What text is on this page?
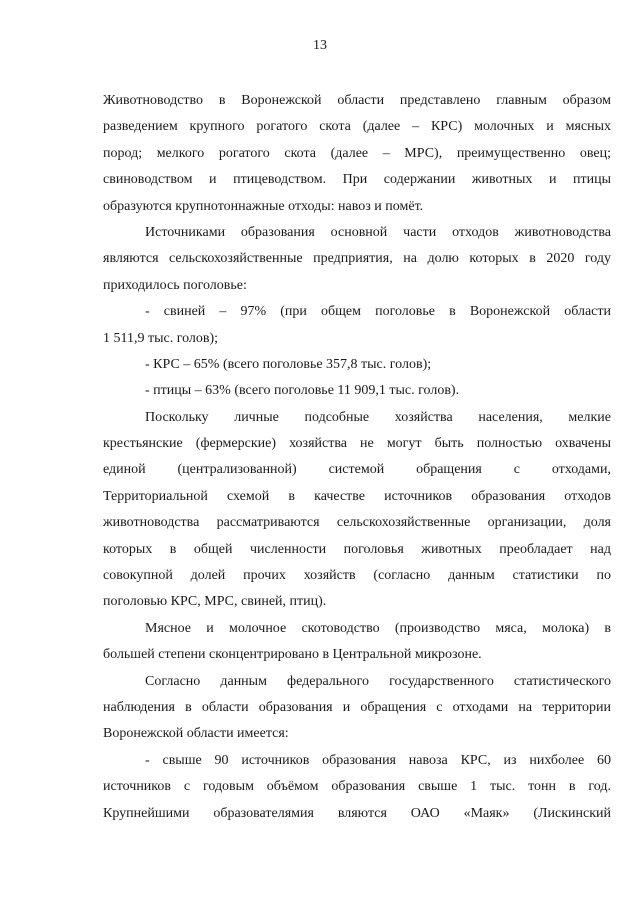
13
Животноводство в Воронежской области представлено главным образом
разведением крупного рогатого скота (далее – КРС) молочных и мясных
пород; мелкого рогатого скота (далее – МРС), преимущественно овец;
свиноводством и птицеводством. При содержании животных и птицы
образуются крупнотоннажные отходы: навоз и помёт.
Источниками образования основной части отходов животноводства
являются сельскохозяйственные предприятия, на долю которых в 2020 году
приходилось поголовье:
- свиней – 97% (при общем поголовье в Воронежской области
1 511,9 тыс. голов);
- КРС – 65% (всего поголовье 357,8 тыс. голов);
- птицы – 63% (всего поголовье 11 909,1 тыс. голов).
Поскольку личные подсобные хозяйства населения, мелкие
крестьянские (фермерские) хозяйства не могут быть полностью охвачены
единой (централизованной) системой обращения с отходами,
Территориальной схемой в качестве источников образования отходов
животноводства рассматриваются сельскохозяйственные организации, доля
которых в общей численности поголовья животных преобладает над
совокупной долей прочих хозяйств (согласно данным статистики по
поголовью КРС, МРС, свиней, птиц).
Мясное и молочное скотоводство (производство мяса, молока) в
большей степени сконцентрировано в Центральной микрозоне.
Согласно данным федерального государственного статистического
наблюдения в области образования и обращения с отходами на территории
Воронежской области имеется:
- свыше 90 источников образования навоза КРС, из нихболее 60
источников с годовым объёмом образования свыше 1 тыс. тонн в год.
Крупнейшими образователямия вляются ОАО «Маяк» (Лискинский
